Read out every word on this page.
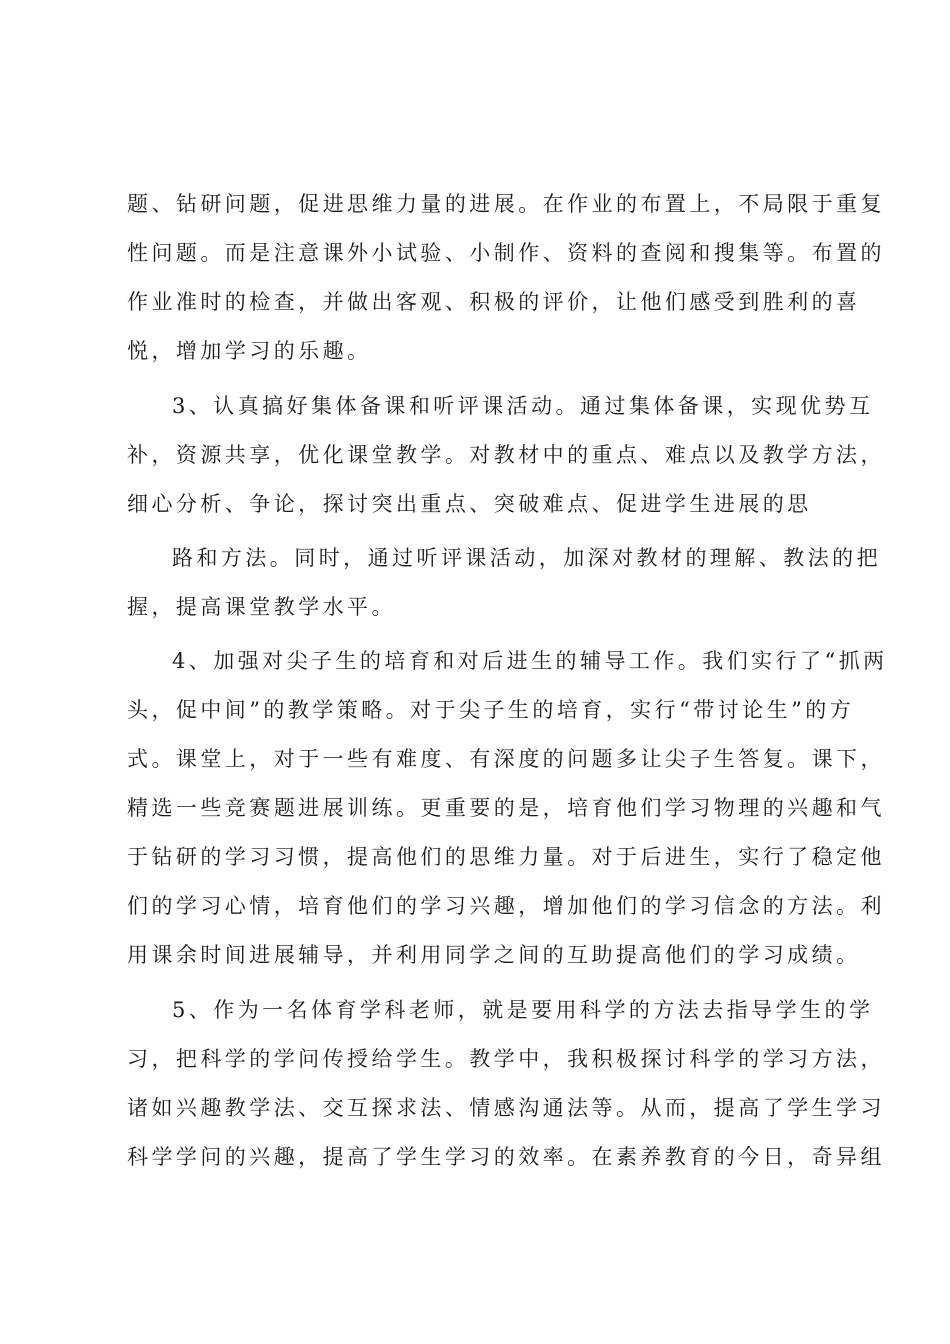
题、钻研问题，促进思维力量的进展。在作业的布置上，不局限于重复
性问题。而是注意课外小试验、小制作、资料的查阅和搜集等。布置的
作业准时的检查，并做出客观、积极的评价，让他们感受到胜利的喜
悦，增加学习的乐趣。
3、认真搞好集体备课和听评课活动。通过集体备课，实现优势互
补，资源共享，优化课堂教学。对教材中的重点、难点以及教学方法，
细心分析、争论，探讨突出重点、突破难点、促进学生进展的思
路和方法。同时，通过听评课活动，加深对教材的理解、教法的把
握，提高课堂教学水平。
4、加强对尖子生的培育和对后进生的辅导工作。我们实行了“抓两
头，促中间”的教学策略。对于尖子生的培育，实行“带讨论生”的方
式。课堂上，对于一些有难度、有深度的问题多让尖子生答复。课下，
精选一些竞赛题进展训练。更重要的是，培育他们学习物理的兴趣和气
于钻研的学习习惯，提高他们的思维力量。对于后进生，实行了稳定他
们的学习心情，培育他们的学习兴趣，增加他们的学习信念的方法。利
用课余时间进展辅导，并利用同学之间的互助提高他们的学习成绩。
5、作为一名体育学科老师，就是要用科学的方法去指导学生的学
习，把科学的学问传授给学生。教学中，我积极探讨科学的学习方法，
诸如兴趣教学法、交互探求法、情感沟通法等。从而，提高了学生学习
科学学问的兴趣，提高了学生学习的效率。在素养教育的今日，奇异组
